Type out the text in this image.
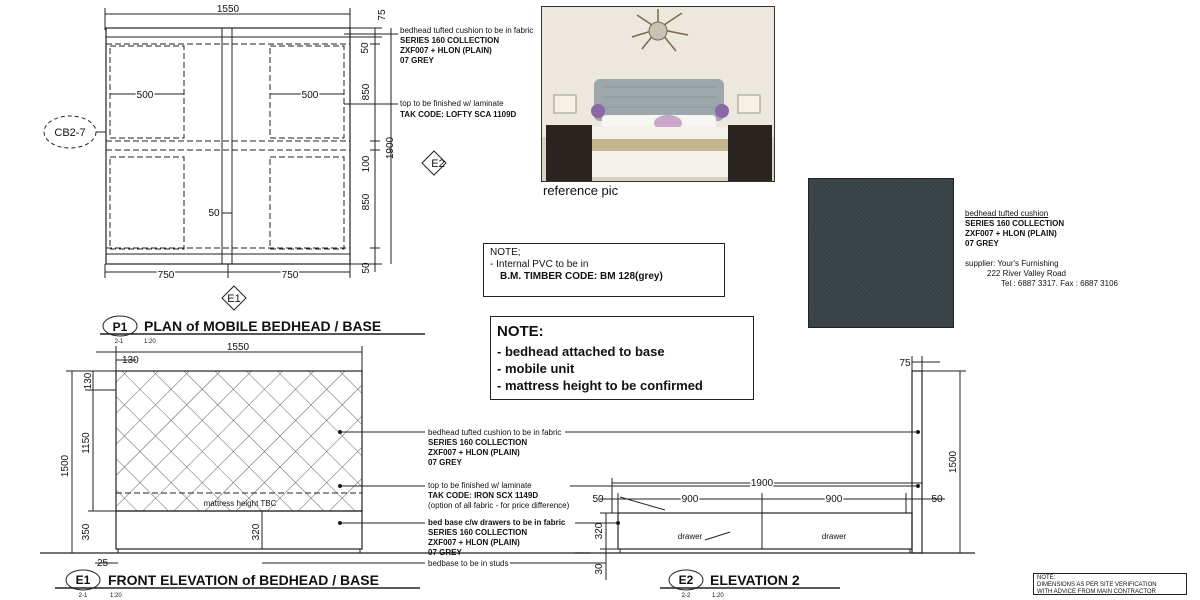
1550	75
50
850
1900
100
850
50
500	500
50
750	750
bedhead tufted cushion to be in fabric
SERIES 160 COLLECTION
ZXF007 + HLON (PLAIN)
07 GREY
top to be finished w/ laminate
TAK CODE: LOFTY SCA 1109D
CB2-7
E2
E1
P1
2-1	1:20
PLAN of MOBILE BEDHEAD / BASE
130
1550
130
1500
1150
350	320
25
mattress height TBC
bedhead tufted cushion to be in fabric
SERIES 160 COLLECTION
ZXF007 + HLON (PLAIN)
07 GREY
top to be finished w/ laminate
TAK CODE: IRON SCX 1149D
(option of all fabric - for price difference)
bed base c/w drawers to be in fabric
SERIES 160 COLLECTION
ZXF007 + HLON (PLAIN)
07 GREY
bedbase to be in studs
E1
2-1	1:20
FRONT ELEVATION of BEDHEAD / BASE
75
1500
1900
50	900	900	50
320
30
drawer	drawer
E2
2-2	1:20
ELEVATION 2
reference pic
NOTE;
- Internal PVC to be in
B.M. TIMBER CODE: BM 128(grey)
NOTE:
- bedhead attached to base
- mobile unit
- mattress height to be confirmed
bedhead tufted cushion
SERIES 160 COLLECTION
ZXF007 + HLON (PLAIN)
07 GREY
supplier: Your's Furnishing
222 River Valley Road
Tel : 6887 3317. Fax : 6887 3106
NOTE:
DIMENSIONS AS PER SITE VERIFICATION
WITH ADVICE FROM MAIN CONTRACTOR
